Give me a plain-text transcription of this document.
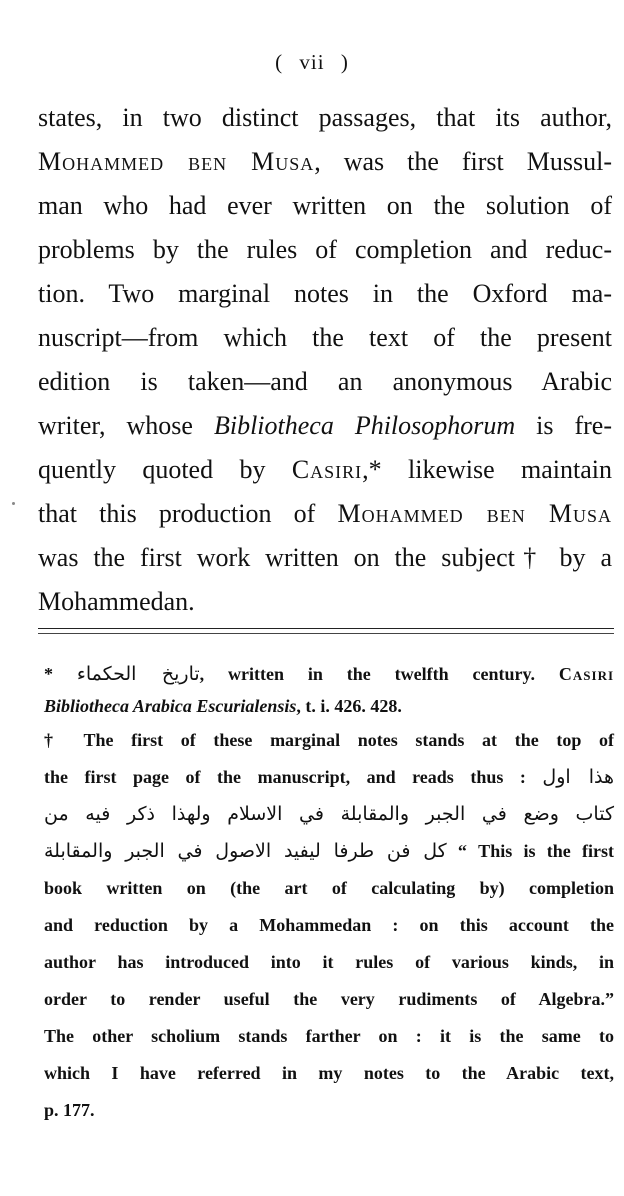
( vii )
states, in two distinct passages, that its author,
Mohammed ben Musa, was the first Mussul-
man who had ever written on the solution of
problems by the rules of completion and reduc-
tion. Two marginal notes in the Oxford ma-
nuscript—from which the text of the present
edition is taken—and an anonymous Arabic
writer, whose Bibliotheca Philosophorum is fre-
quently quoted by Casiri,* likewise maintain
that this production of Mohammed ben Musa
was the first work written on the subject† by a
Mohammedan.
* تاريخ الحكماء, written in the twelfth century. Casiri
Bibliotheca Arabica Escurialensis, t. i. 426. 428.
† The first of these marginal notes stands at the top of
the first page of the manuscript, and reads thus : هذا اول
كتاب وضع في الجبر والمقابلة في الاسلام ولهذا ذكر فيه من
كل فن طرفا ليفيد الاصول في الجبر والمقابلة “ This is the first
book written on (the art of calculating by) completion
and reduction by a Mohammedan : on this account the
author has introduced into it rules of various kinds, in
order to render useful the very rudiments of Algebra.”
The other scholium stands farther on : it is the same to
which I have referred in my notes to the Arabic text,
p. 177.
